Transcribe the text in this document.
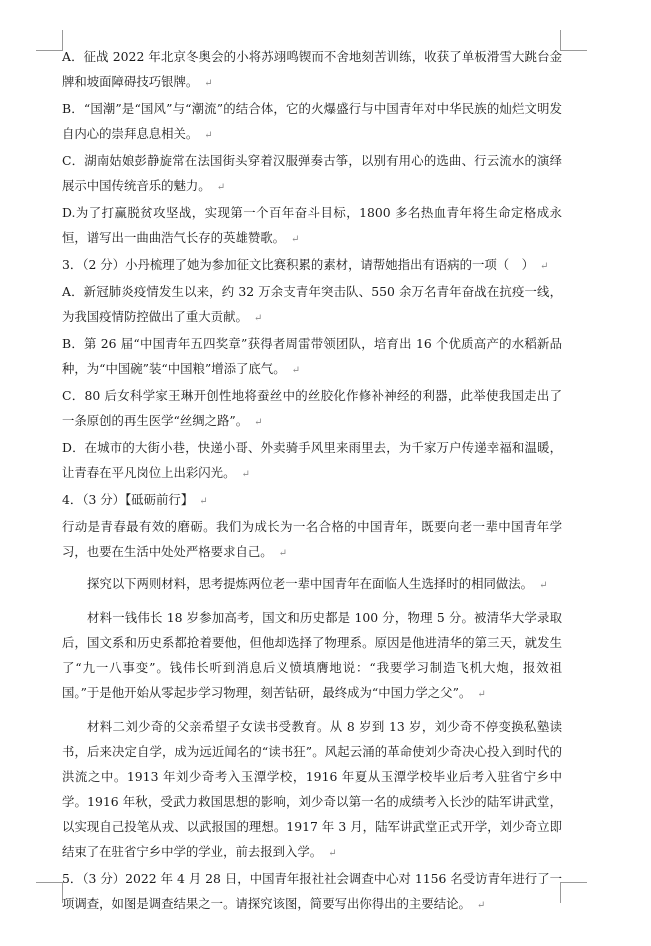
A．征战 2022 年北京冬奥会的小将苏翊鸣锲而不舍地刻苦训练，收获了单板滑雪大跳台金牌和坡面障碍技巧银牌。 ↵

B．“国潮”是“国风”与“潮流”的结合体，它的火爆盛行与中国青年对中华民族的灿烂文明发自内心的崇拜息息相关。 ↵

C．湖南姑娘彭静旋常在法国街头穿着汉服弹奏古筝，以别有用心的选曲、行云流水的演绎展示中国传统音乐的魅力。 ↵

D.为了打赢脱贫攻坚战，实现第一个百年奋斗目标，1800 多名热血青年将生命定格成永恒，谱写出一曲曲浩气长存的英雄赞歌。 ↵

3．（2 分）小丹梳理了她为参加征文比赛积累的素材，请帮她指出有语病的一项（　） ↵

A．新冠肺炎疫情发生以来，约 32 万余支青年突击队、550 余万名青年奋战在抗疫一线，为我国疫情防控做出了重大贡献。 ↵

B．第 26 届“中国青年五四奖章”获得者周雷带领团队，培育出 16 个优质高产的水稻新品种，为“中国碗”装“中国粮”增添了底气。 ↵

C．80 后女科学家王琳开创性地将蚕丝中的丝胶化作修补神经的利器，此举使我国走出了一条原创的再生医学“丝绸之路”。 ↵

D．在城市的大街小巷，快递小哥、外卖骑手风里来雨里去，为千家万户传递幸福和温暖，让青春在平凡岗位上出彩闪光。 ↵

4．（3 分）【砥砺前行】 ↵

行动是青春最有效的磨砺。我们为成长为一名合格的中国青年，既要向老一辈中国青年学习，也要在生活中处处严格要求自己。 ↵

探究以下两则材料，思考提炼两位老一辈中国青年在面临人生选择时的相同做法。 ↵

材料一钱伟长 18 岁参加高考，国文和历史都是 100 分，物理 5 分。被清华大学录取后，国文系和历史系都抢着要他，但他却选择了物理系。原因是他进清华的第三天，就发生了“九一八事变”。钱伟长听到消息后义愤填膺地说：“我要学习制造飞机大炮，报效祖国。”于是他开始从零起步学习物理，刻苦钻研，最终成为“中国力学之父”。 ↵

材料二刘少奇的父亲希望子女读书受教育。从 8 岁到 13 岁，刘少奇不停变换私塾读书，后来决定自学，成为远近闻名的“读书狂”。风起云涌的革命使刘少奇决心投入到时代的洪流之中。1913 年刘少奇考入玉潭学校，1916 年夏从玉潭学校毕业后考入驻省宁乡中学。1916 年秋，受武力救国思想的影响，刘少奇以第一名的成绩考入长沙的陆军讲武堂，以实现自己投笔从戎、以武报国的理想。1917 年 3 月，陆军讲武堂正式开学，刘少奇立即结束了在驻省宁乡中学的学业，前去报到入学。 ↵

5．（3 分）2022 年 4 月 28 日，中国青年报社社会调查中心对 1156 名受访青年进行了一项调查，如图是调查结果之一。请探究该图，简要写出你得出的主要结论。 ↵
